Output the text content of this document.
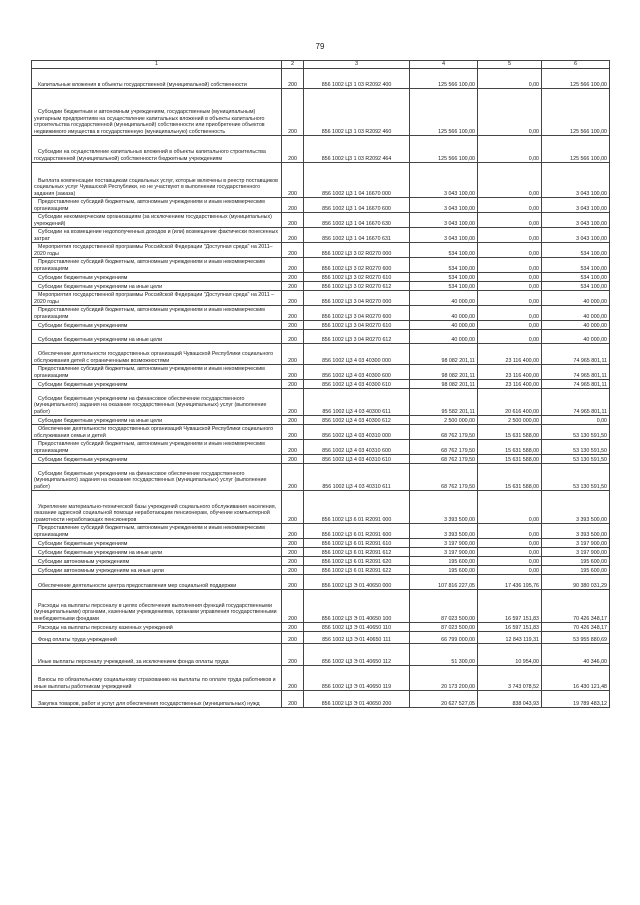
79
1	2	3	4	5	6

Капитальные вложения в объекты государственной (муниципальной) собственности	200	856 1002 Ц3 1 03 R2092 400	125 566 100,00	0,00	125 566 100,00

Субсидии бюджетным и автономным учреждениям, государственным (муниципальным) унитарным предприятиям на осуществление капитальных вложений в объекты капитального строительства государственной (муниципальной) собственности или приобретение объектов недвижимого имущества в государственную (муниципальную) собственность	200	856 1002 Ц3 1 03 R2092 460	125 566 100,00	0,00	125 566 100,00

Субсидии на осуществление капитальных вложений в объекты капитального строительства государственной (муниципальной) собственности бюджетным учреждениям	200	856 1002 Ц3 1 03 R2092 464	125 566 100,00	0,00	125 566 100,00

Выплата компенсации поставщикам социальных услуг, которые включены в реестр поставщиков социальных услуг Чувашской Республики, но не участвуют в выполнении государственного задания (заказа)	200	856 1002 Ц3 1 04 16670 000	3 043 100,00	0,00	3 043 100,00

Предоставление субсидий бюджетным, автономным учреждениям и иным некоммерческим организациям	200	856 1002 Ц3 1 04 16670 600	3 043 100,00	0,00	3 043 100,00

Субсидии некоммерческим организациям (за исключением государственных (муниципальных) учреждений)	200	856 1002 Ц3 1 04 16670 630	3 043 100,00	0,00	3 043 100,00

Субсидии на возмещение недополученных доходов и (или) возмещение фактически понесенных затрат	200	856 1002 Ц3 1 04 16670 631	3 043 100,00	0,00	3 043 100,00

Мероприятия государственной программы Российской Федерации "Доступная среда" на 2011–2020 годы	200	856 1002 Ц3 3 02 R0270 000	534 100,00	0,00	534 100,00

Предоставление субсидий бюджетным, автономным учреждениям и иным некоммерческим организациям	200	856 1002 Ц3 3 02 R0270 600	534 100,00	0,00	534 100,00

Субсидии бюджетным учреждениям	200	856 1002 Ц3 3 02 R0270 610	534 100,00	0,00	534 100,00

Субсидии бюджетным учреждениям на иные цели	200	856 1002 Ц3 3 02 R0270 612	534 100,00	0,00	534 100,00

Мероприятия государственной программы Российской Федерации "Доступная среда" на 2011 – 2020 годы	200	856 1002 Ц3 3 04 R0270 000	40 000,00	0,00	40 000,00

Предоставление субсидий бюджетным, автономным учреждениям и иным некоммерческим организациям	200	856 1002 Ц3 3 04 R0270 600	40 000,00	0,00	40 000,00

Субсидии бюджетным учреждениям	200	856 1002 Ц3 3 04 R0270 610	40 000,00	0,00	40 000,00

Субсидии бюджетным учреждениям на иные цели	200	856 1002 Ц3 3 04 R0270 612	40 000,00	0,00	40 000,00

Обеспечение деятельности государственных организаций Чувашской Республики социального обслуживания детей с ограниченными возможностями	200	856 1002 Ц3 4 03 40300 000	98 082 201,11	23 116 400,00	74 965 801,11

Предоставление субсидий бюджетным, автономным учреждениям и иным некоммерческим организациям	200	856 1002 Ц3 4 03 40300 600	98 082 201,11	23 116 400,00	74 965 801,11

Субсидии бюджетным учреждениям	200	856 1002 Ц3 4 03 40300 610	98 082 201,11	23 116 400,00	74 965 801,11

Субсидии бюджетным учреждениям на финансовое обеспечение государственного (муниципального) задания на оказание государственных (муниципальных) услуг (выполнение работ)	200	856 1002 Ц3 4 03 40300 611	95 582 201,11	20 616 400,00	74 965 801,11

Субсидии бюджетным учреждениям на иные цели	200	856 1002 Ц3 4 03 40300 612	2 500 000,00	2 500 000,00	0,00

Обеспечение деятельности государственных организаций Чувашской Республики социального обслуживания семьи и детей	200	856 1002 Ц3 4 03 40310 000	68 762 179,50	15 631 588,00	53 130 591,50

Предоставление субсидий бюджетным, автономным учреждениям и иным некоммерческим организациям	200	856 1002 Ц3 4 03 40310 600	68 762 179,50	15 631 588,00	53 130 591,50

Субсидии бюджетным учреждениям	200	856 1002 Ц3 4 03 40310 610	68 762 179,50	15 631 588,00	53 130 591,50

Субсидии бюджетным учреждениям на финансовое обеспечение государственного (муниципального) задания на оказание государственных (муниципальных) услуг (выполнение работ)	200	856 1002 Ц3 4 03 40310 611	68 762 179,50	15 631 588,00	53 130 591,50

Укрепление материально-технической базы учреждений социального обслуживания населения, оказание адресной социальной помощи неработающим пенсионерам, обучение компьютерной грамотности неработающих пенсионеров	200	856 1002 Ц3 6 01 R2091 000	3 393 500,00	0,00	3 393 500,00

Предоставление субсидий бюджетным, автономным учреждениям и иным некоммерческим организациям	200	856 1002 Ц3 6 01 R2091 600	3 393 500,00	0,00	3 393 500,00

Субсидии бюджетным учреждениям	200	856 1002 Ц3 6 01 R2091 610	3 197 900,00	0,00	3 197 900,00

Субсидии бюджетным учреждениям на иные цели	200	856 1002 Ц3 6 01 R2091 612	3 197 900,00	0,00	3 197 900,00

Субсидии автономным учреждениям	200	856 1002 Ц3 6 01 R2091 620	195 600,00	0,00	195 600,00

Субсидии автономным учреждениям на иные цели	200	856 1002 Ц3 6 01 R2091 622	195 600,00	0,00	195 600,00

Обеспечение деятельности центра предоставления мер социальной поддержки	200	856 1002 Ц3 Э 01 40650 000	107 816 227,05	17 436 195,76	90 380 031,29

Расходы на выплаты персоналу в целях обеспечения выполнения функций государственными (муниципальными) органами, казенными учреждениями, органами управления государственными внебюджетными фондами	200	856 1002 Ц3 Э 01 40650 100	87 023 500,00	16 597 151,83	70 426 348,17

Расходы на выплаты персоналу казенных учреждений	200	856 1002 Ц3 Э 01 40650 110	87 023 500,00	16 597 151,83	70 426 348,17

Фонд оплаты труда учреждений	200	856 1002 Ц3 Э 01 40650 111	66 799 000,00	12 843 119,31	53 955 880,69

Иные выплаты персоналу учреждений, за исключением фонда оплаты труда	200	856 1002 Ц3 Э 01 40650 112	51 300,00	10 954,00	40 346,00

Взносы по обязательному социальному страхованию на выплаты по оплате труда работников и иные выплаты работникам учреждений	200	856 1002 Ц3 Э 01 40650 119	20 173 200,00	3 743 078,52	16 430 121,48

Закупка товаров, работ и услуг для обеспечения государственных (муниципальных) нужд	200	856 1002 Ц3 Э 01 40650 200	20 627 527,05	838 043,93	19 789 483,12
